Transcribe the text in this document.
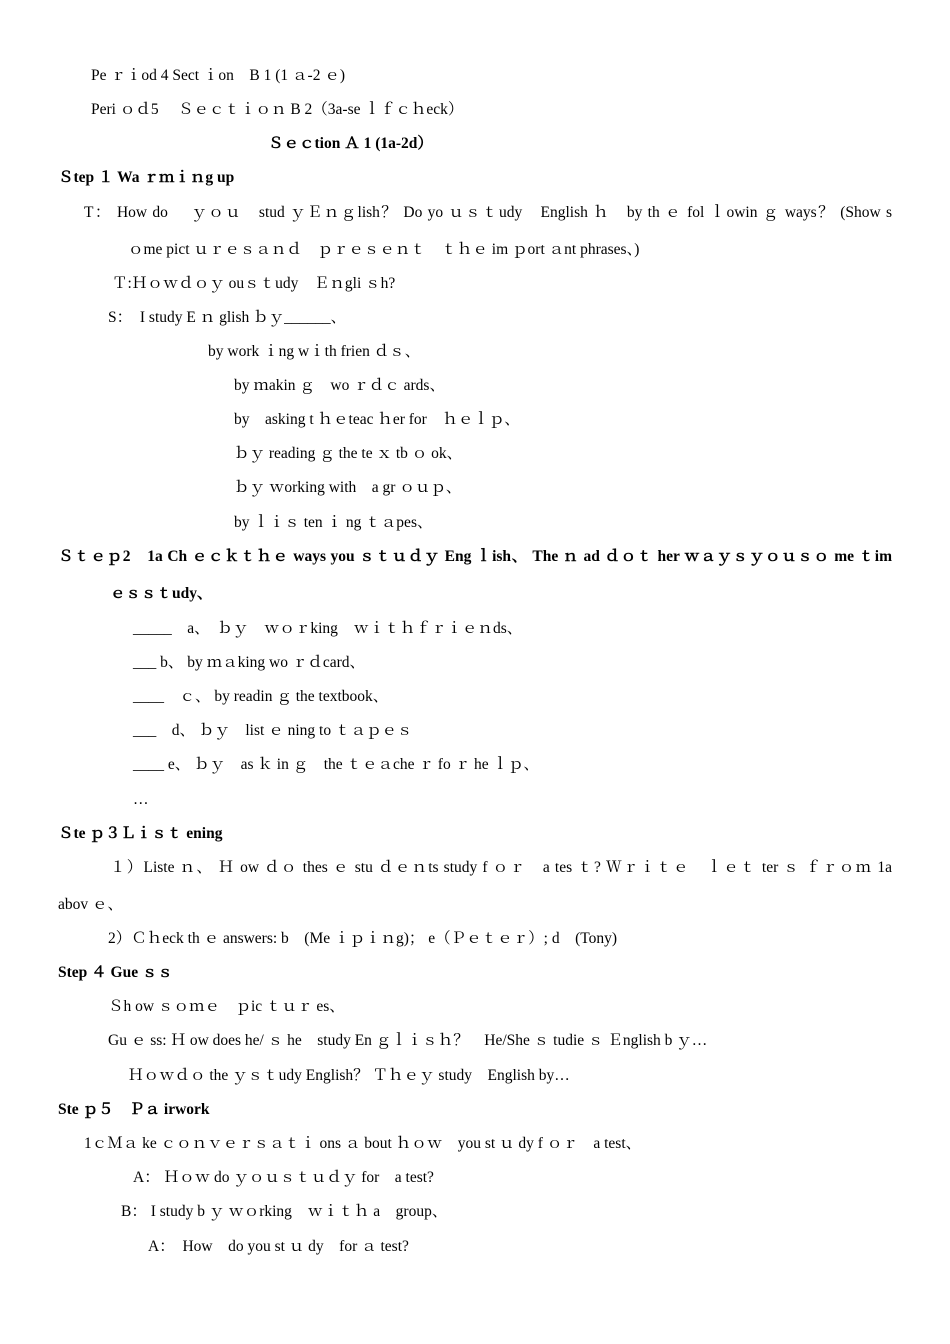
Pe ｒｉod 4 Sect ｉon　B 1 (1 ａ-2 ｅ)
Peri ｏｄ5　 Ｓｅｃｔｉｏｎ B 2（3a-se ｌｆｃｈeck）
Ｓｅｃtion Ａ 1 (1a-2d）
Ｓtep １ Wa ｒｍｉｎg up
T： How do　 ｙｏｕ　stud ｙＥｎｇlish？ Do yo ｕｓｔudy　English ｈ　by th ｅ fol ｌowin ｇ ways？ (Show s
ｏme pict ｕｒｅｓａｎｄ　ｐｒｅｓｅｎｔ　ｔｈｅ im ｐort ａnt phrases、)
Ｔ:Ｈｏｗｄｏｙ ouｓｔudy　Ｅｎgli ｓh?
S：  I study E ｎ glish ｂｙ______、
by work ｉng wｉth frien ｄｓ、
by ｍakin ｇ　wo ｒｄｃ ards、
by　asking t ｈｅteac ｈer for　ｈｅｌｐ、
ｂｙ reading ｇ the te ｘ tb ｏ ok、
ｂｙ ｗorking with　a gr ｏｕｐ、
by ｌｉｓ ten ｉ ng ｔａpes、
Ｓｔｅｐ2　1a Ch ｅｃｋｔｈｅ ways you ｓｔｕｄｙ Eng ｌish、 The ｎ ad ｄｏｔ her ｗａｙｓｙｏｕｓｏ me ｔim
ｅｓｓｔudy、
_____　a、　ｂｙ　ｗｏｒking　ｗｉｔｈｆｒｉｅｎds、
___ b、 by ｍａking wo ｒｄcard、
____　ｃ、 by readin ｇ the textbook、
___　d、 ｂｙ　list ｅ ning to ｔａｐｅｓ
____ e、 ｂｙ　as ｋ in ｇ　the ｔｅａche ｒ fo ｒ he ｌｐ、
…
Ｓte ｐ３Ｌｉｓｔ ening
１）Liste ｎ、 Ｈ ow ｄｏ thes ｅ stu ｄｅｎts study f ｏｒ　a tes ｔ? Ｗｒｉｔｅ　ｌｅｔ ter ｓ ｆｒｏｍ 1a
abov ｅ、
2）Ｃｈeck th ｅ answers: b　(Me ｉｐｉｎg)； e（Ｐｅｔｅｒ）; d　(Tony)
Step ４ Gue ｓｓ
Ｓh ow ｓｏｍｅ　ｐic ｔｕｒ es、
Gu ｅ ss: Ｈ ow does he/ ｓ he　study En ｇｌｉｓｈ？　He/She ｓ tudie ｓ Ｅnglish b ｙ…
Ｈｏｗｄｏ the ｙｓｔudy English？ Ｔｈｅｙ study　English by…
Ste ｐ５　Ｐａ irwork
1ｃＭａ ke ｃｏｎｖｅｒｓａｔｉ ons ａ bout ｈｏｗ　you st ｕ dy f ｏｒ　a test、
A： Ｈｏｗ do ｙｏｕｓｔｕｄｙ for　a test?
B： I study b ｙ ｗｏrking　ｗｉｔｈ a　group、
A：　How　do you st ｕ dy　for ａ test?
